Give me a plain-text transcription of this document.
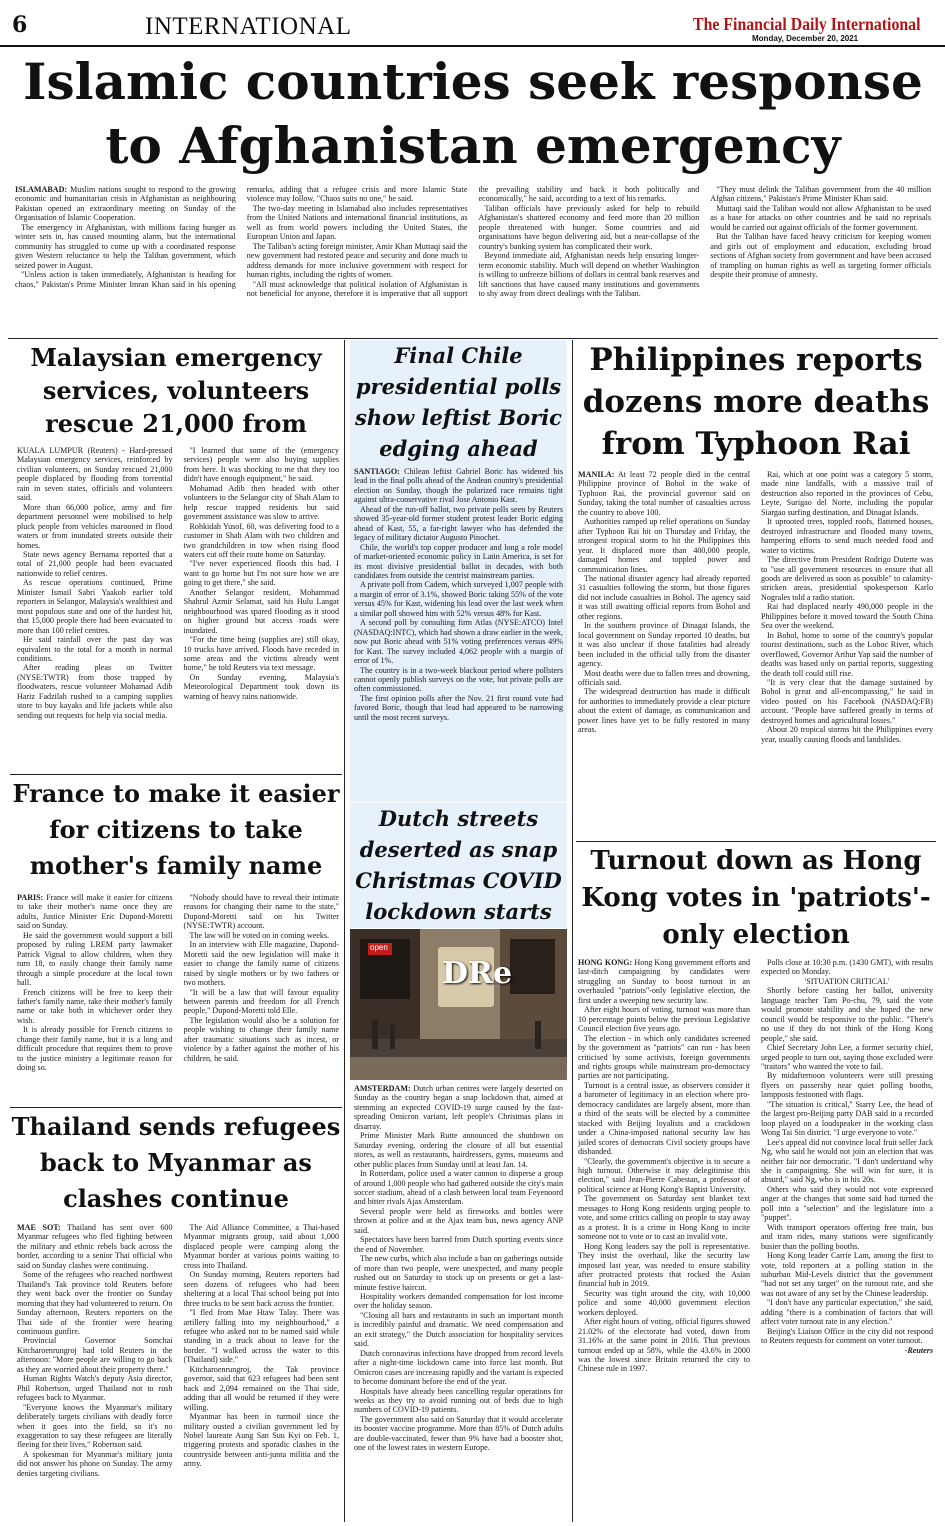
6	INTERNATIONAL	The Financial Daily International
Monday, December 20, 2021
Islamic countries seek response to Afghanistan emergency

ISLAMABAD: Muslim nations sought to respond to the growing economic and humanitarian crisis in Afghanistan as neighbouring Pakistan opened an extraordinary meeting on Sunday of the Organisation of Islamic Cooperation.

The emergency in Afghanistan, with millions facing hunger as winter sets in, has caused mounting alarm, but the international community has struggled to come up with a coordinated response given Western reluctance to help the Taliban government, which seized power in August.

"Unless action is taken immediately, Afghanistan is heading for chaos," Pakistan's Prime Minister Imran Khan said in his opening remarks, adding that a refugee crisis and more Islamic State violence may follow. "Chaos suits no one," he said.

The two-day meeting in Islamabad also includes representatives from the United Nations and international financial institutions, as well as from world powers including the United States, the European Union and Japan.

The Taliban's acting foreign minister, Amir Khan Muttaqi said the new government had restored peace and security and done much to address demands for more inclusive government with respect for human rights, including the rights of women.

"All must acknowledge that political isolation of Afghanistan is not beneficial for anyone, therefore it is imperative that all support the prevailing stability and back it both politically and economically," he said, according to a text of his remarks.

Taliban officials have previously asked for help to rebuild Afghanistan's shattered economy and feed more than 20 million people threatened with hunger. Some countries and aid organisations have begun delivering aid, but a near-collapse of the country's banking system has complicated their work.

Beyond immediate aid, Afghanistan needs help ensuring longer-term economic stability. Much will depend on whether Washington is willing to unfreeze billions of dollars in central bank reserves and lift sanctions that have caused many institutions and governments to shy away from direct dealings with the Taliban.

"They must delink the Taliban government from the 40 million Afghan citizens," Pakistan's Prime Minister Khan said.

Muttaqi said the Taliban would not allow Afghanistan to be used as a base for attacks on other countries and he said no reprisals would be carried out against officials of the former government.

But the Taliban have faced heavy criticism for keeping women and girls out of employment and education, excluding broad sections of Afghan society from government and have been accused of trampling on human rights as well as targeting former officials despite their promise of amnesty.

Malaysian emergency services, volunteers rescue 21,000 from

KUALA LUMPUR (Reuters) - Hard-pressed Malaysian emergency services, reinforced by civilian volunteers, on Sunday rescued 21,000 people displaced by flooding from torrential rain in seven states, officials and volunteers said.

More than 66,000 police, army and fire department personnel were mobilised to help pluck people from vehicles marooned in flood waters or from inundated streets outside their homes.

State news agency Bernama reported that a total of 21,000 people had been evacuated nationwide to relief centres.

As rescue operations continued, Prime Minister Ismail Sabri Yaakob earlier told reporters in Selangor, Malaysia's wealthiest and most populous state and one of the hardest hit, that 15,000 people there had been evacuated to more than 100 relief centres.

He said rainfall over the past day was equivalent to the total for a month in normal conditions.

After reading pleas on Twitter (NYSE:TWTR) from those trapped by floodwaters, rescue volunteer Mohamad Adib Hariz Fadzilah rushed to a camping supplies store to buy kayaks and life jackets while also sending out requests for help via social media.

"I learned that some of the (emergency services) people were also buying supplies from here. It was shocking to me that they too didn't have enough equipment," he said.

Mohamad Adib then headed with other volunteers to the Selangor city of Shah Alam to help rescue trapped residents but said government assistance was slow to arrive.

Rohkidah Yusof, 60, was delivering food to a customer in Shah Alam with two children and two grandchildren in tow when rising flood waters cut off their route home on Saturday.

"I've never experienced floods this bad. I want to go home but I'm not sure how we are going to get there," she said.

Another Selangor resident, Mohammad Shahrul Azmir Selamat, said his Hulu Langat neighbourhood was spared flooding as it stood on higher ground but access roads were inundated.

"For the time being (supplies are) still okay, 10 trucks have arrived. Floods have receded in some areas and the victims already went home," he told Reuters via text message.

On Sunday evening, Malaysia's Meteorological Department took down its warning of heavy rains nationwide.

France to make it easier for citizens to take mother's family name

PARIS: France will make it easier for citizens to take their mother's name once they are adults, Justice Minister Eric Dupond-Moretti said on Sunday.

He said the government would support a bill proposed by ruling LREM party lawmaker Patrick Vignal to allow children, when they turn 18, to easily change their family name through a simple procedure at the local town hall.

French citizens will be free to keep their father's family name, take their mother's family name or take both in whichever order they wish.

It is already possible for French citizens to change their family name, but it is a long and difficult procedure that requires them to prove to the justice ministry a legitimate reason for doing so.

"Nobody should have to reveal their intimate reasons for changing their name to the state," Dupond-Moretti said on his Twitter (NYSE:TWTR) account.

The law will be voted on in coming weeks.

In an interview with Elle magazine, Dupond-Moretti said the new legislation will make it easier to change the family name of citizens raised by single mothers or by two fathers or two mothers.

"It will be a law that will favour equality between parents and freedom for all French people," Dupond-Moretti told Elle.

The legislation would also be a solution for people wishing to change their family name after traumatic situations such as incest, or violence by a father against the mother of his children, he said.

Thailand sends refugees back to Myanmar as clashes continue

MAE SOT: Thailand has sent over 600 Myanmar refugees who fled fighting between the military and ethnic rebels back across the border, according to a senior Thai official who said on Sunday clashes were continuing.

Some of the refugees who reached northwest Thailand's Tak province told Reuters before they went back over the frontier on Sunday morning that they had volunteered to return. On Sunday afternoon, Reuters reporters on the Thai side of the frontier were hearing continuous gunfire.

Provincial Governor Somchai Kitcharoenrungroj had told Reuters in the afternoon: "More people are willing to go back as they are worried about their property there."

Human Rights Watch's deputy Asia director, Phil Robertson, urged Thailand not to rush refugees back to Myanmar.

"Everyone knows the Myanmar's military deliberately targets civilians with deadly force when it goes into the field, so it's no exaggeration to say these refugees are literally fleeing for their lives," Robertson said.

A spokesman for Myanmar's military junta did not answer his phone on Sunday. The army denies targeting civilians.

The Aid Alliance Committee, a Thai-based Myanmar migrants group, said about 1,000 displaced people were camping along the Myanmar border at various points waiting to cross into Thailand.

On Sunday morning, Reuters reporters had seen dozens of refugees who had been sheltering at a local Thai school being put into three trucks to be sent back across the frontier.

"I fled from Mae Htaw Talay. There was artillery falling into my neighbourhood," a refugee who asked not to be named said while standing in a truck about to leave for the border. "I walked across the water to this (Thailand) side."

Kitcharoenrungroj, the Tak province governor, said that 623 refugees had been sent back and 2,094 remained on the Thai side, adding that all would be returned if they were willing.

Myanmar has been in turmoil since the military ousted a civilian government led by Nobel laureate Aung San Suu Kyi on Feb. 1, triggering protests and sporadic clashes in the countryside between anti-junta militia and the army.

Final Chile presidential polls show leftist Boric edging ahead

SANTIAGO: Chilean leftist Gabriel Boric has widened his lead in the final polls ahead of the Andean country's presidential election on Sunday, though the polarized race remains tight against ultra-conservative rival Jose Antonio Kast.

Ahead of the run-off ballot, two private polls seen by Reuters showed 35-year-old former student protest leader Boric edging ahead of Kast, 55, a far-right lawyer who has defended the legacy of military dictator Augusto Pinochet.

Chile, the world's top copper producer and long a role model of market-oriented economic policy in Latin America, is set for its most divisive presidential ballot in decades, with both candidates from outside the centrist mainstream parties.

A private poll from Cadem, which surveyed 1,007 people with a margin of error of 3.1%, showed Boric taking 55% of the vote versus 45% for Kast, widening his lead over the last week when a similar poll showed him with 52% versus 48% for Kast.

A second poll by consulting firm Atlas (NYSE:ATCO) Intel (NASDAQ:INTC), which had shown a draw earlier in the week, now put Boric ahead with 51% voting preferences versus 49% for Kast. The survey included 4,062 people with a margin of error of 1%.

The country is in a two-week blackout period where pollsters cannot openly publish surveys on the vote, but private polls are often commissioned.

The first opinion polls after the Nov. 21 first round vote had favored Boric, though that lead had appeared to be narrowing until the most recent surveys.

Dutch streets deserted as snap Christmas COVID lockdown starts
DRe
open

AMSTERDAM: Dutch urban centres were largely deserted on Sunday as the country began a snap lockdown that, aimed at stemming an expected COVID-19 surge caused by the fast-spreading Omicron variant, left people's Christmas plans in disarray.

Prime Minister Mark Rutte announced the shutdown on Saturday evening, ordering the closure of all but essential stores, as well as restaurants, hairdressers, gyms, museums and other public places from Sunday until at least Jan. 14.

In Rotterdam, police used a water cannon to disperse a group of around 1,000 people who had gathered outside the city's main soccer stadium, ahead of a clash between local team Feyenoord and bitter rivals Ajax Amsterdam.

Several people were held as fireworks and bottles were thrown at police and at the Ajax team bus, news agency ANP said.

Spectators have been barred from Dutch sporting events since the end of November.

The new curbs, which also include a ban on gatherings outside of more than two people, were unexpected, and many people rushed out on Saturday to stock up on presents or get a last-minute festive haircut.

Hospitality workers demanded compensation for lost income over the holiday season.

"Closing all bars and restaurants in such an important month is incredibly painful and dramatic. We need compensation and an exit strategy," the Dutch association for hospitality services said.

Dutch coronavirus infections have dropped from record levels after a night-time lockdown came into force last month. But Omicron cases are increasing rapidly and the variant is expected to become dominant before the end of the year.

Hospitals have already been cancelling regular operations for weeks as they try to avoid running out of beds due to high numbers of COVID-19 patients.

The government also said on Saturday that it would accelerate its booster vaccine programme. More than 85% of Dutch adults are double-vaccinated, fewer than 9% have had a booster shot, one of the lowest rates in western Europe.

Philippines reports dozens more deaths from Typhoon Rai

MANILA: At least 72 people died in the central Philippine province of Bohol in the wake of Typhoon Rai, the provincial governor said on Sunday, taking the total number of casualties across the country to above 100.

Authorities ramped up relief operations on Sunday after Typhoon Rai hit on Thursday and Friday, the strongest tropical storm to hit the Philippines this year. It displaced more than 400,000 people, damaged homes and toppled power and communication lines.

The national disaster agency had already reported 31 casualties following the storm, but those figures did not include casualties in Bohol. The agency said it was still awaiting official reports from Bohol and other regions.

In the southern province of Dinagat Islands, the local government on Sunday reported 10 deaths, but it was also unclear if those fatalities had already been included in the official tally from the disaster agency.

Most deaths were due to fallen trees and drowning, officials said.

The widespread destruction has made it difficult for authorities to immediately provide a clear picture about the extent of damage, as communication and power lines have yet to be fully restored in many areas.

Rai, which at one point was a category 5 storm, made nine landfalls, with a massive trail of destruction also reported in the provinces of Cebu, Leyte, Surigao del Norte, including the popular Siargao surfing destination, and Dinagat Islands.

It uprooted trees, toppled roofs, flattened houses, destroyed infrastructure and flooded many towns, hampering efforts to send much needed food and water to victims.

The directive from President Rodrigo Duterte was to "use all government resources to ensure that all goods are delivered as soon as possible" to calamity-stricken areas, presidential spokesperson Karlo Nograles told a radio station.

Rai had displaced nearly 490,000 people in the Philippines before it moved toward the South China Sea over the weekend.

In Bohol, home to some of the country's popular tourist destinations, such as the Loboc River, which overflowed, Governor Arthur Yap said the number of deaths was based only on partial reports, suggesting the death toll could still rise.

"It is very clear that the damage sustained by Bohol is great and all-encompassing," he said in video posted on his Facebook (NASDAQ:FB) account. "People have suffered greatly in terms of destroyed homes and agricultural losses."

About 20 tropical storms hit the Philippines every year, usually causing floods and landslides.

Turnout down as Hong Kong votes in 'patriots'-only election

HONG KONG: Hong Kong government efforts and last-ditch campaigning by candidates were struggling on Sunday to boost turnout in an overhauled "patriots"-only legislative election, the first under a sweeping new security law.

After eight hours of voting, turnout was more than 10 percentage points below the previous Legislative Council election five years ago.

The election - in which only candidates screened by the government as "patriots" can run - has been criticised by some activists, foreign governments and rights groups while mainstream pro-democracy parties are not participating.

Turnout is a central issue, as observers consider it a barometer of legitimacy in an election where pro-democracy candidates are largely absent, more than a third of the seats will be elected by a committee stacked with Beijing loyalists and a crackdown under a China-imposed national security law has jailed scores of democrats Civil society groups have disbanded.

"Clearly, the government's objective is to secure a high turnout. Otherwise it may delegitimise this election," said Jean-Pierre Cabestan, a professor of political science at Hong Kong's Baptist University.

The government on Saturday sent blanket text messages to Hong Kong residents urging people to vote, and some critics calling on people to stay away as a protest. It is a crime in Hong Kong to incite someone not to vote or to cast an invalid vote.

Hong Kong leaders say the poll is representative. They insist the overhaul, like the security law imposed last year, was needed to ensure stability after protracted protests that rocked the Asian financial hub in 2019.

Security was tight around the city, with 10,000 police and some 40,000 government election workers deployed.

After eight hours of voting, official figures showed 21.02% of the electorate had voted, down from 31.16% at the same point in 2016. That previous turnout ended up at 58%, while the 43.6% in 2000 was the lowest since Britain returned the city to Chinese rule in 1997.

Polls close at 10:30 p.m. (1430 GMT), with results expected on Monday.

'SITUATION CRITICAL'

Shortly before casting her ballot, university language teacher Tam Po-chu, 79, said the vote would promote stability and she hoped the new council would be responsive to the public. "There's no use if they do not think of the Hong Kong people," she said.

Chief Secretary John Lee, a former security chief, urged people to turn out, saying those excluded were "traitors" who wanted the vote to fail.

By midafternoon volunteers were still pressing flyers on passersby near quiet polling booths, lampposts festooned with flags.

"The situation is critical," Starry Lee, the head of the largest pro-Beijing party DAB said in a recorded loop played on a loudspeaker in the working class Wong Tai Sin district. "I urge everyone to vote."

Lee's appeal did not convince local fruit seller Jack Ng, who said he would not join an election that was neither fair nor democratic. "I don't understand why she is campaigning. She will win for sure, it is absurd," said Ng, who is in his 20s.

Others who said they would not vote expressed anger at the changes that some said had turned the poll into a "selection" and the legislature into a "puppet".

With transport operators offering free train, bus and tram rides, many stations were significantly busier than the polling booths.

Hong Kong leader Carrie Lam, among the first to vote, told reporters at a polling station in the suburban Mid-Levels district that the government "had not set any target" on the turnout rate, and she was not aware of any set by the Chinese leadership.

"I don't have any particular expectation," she said, adding "there is a combination of factors that will affect voter turnout rate in any election."

Beijing's Liaison Office in the city did not respond to Reuters requests for comment on voter turnout.

-Reuters
